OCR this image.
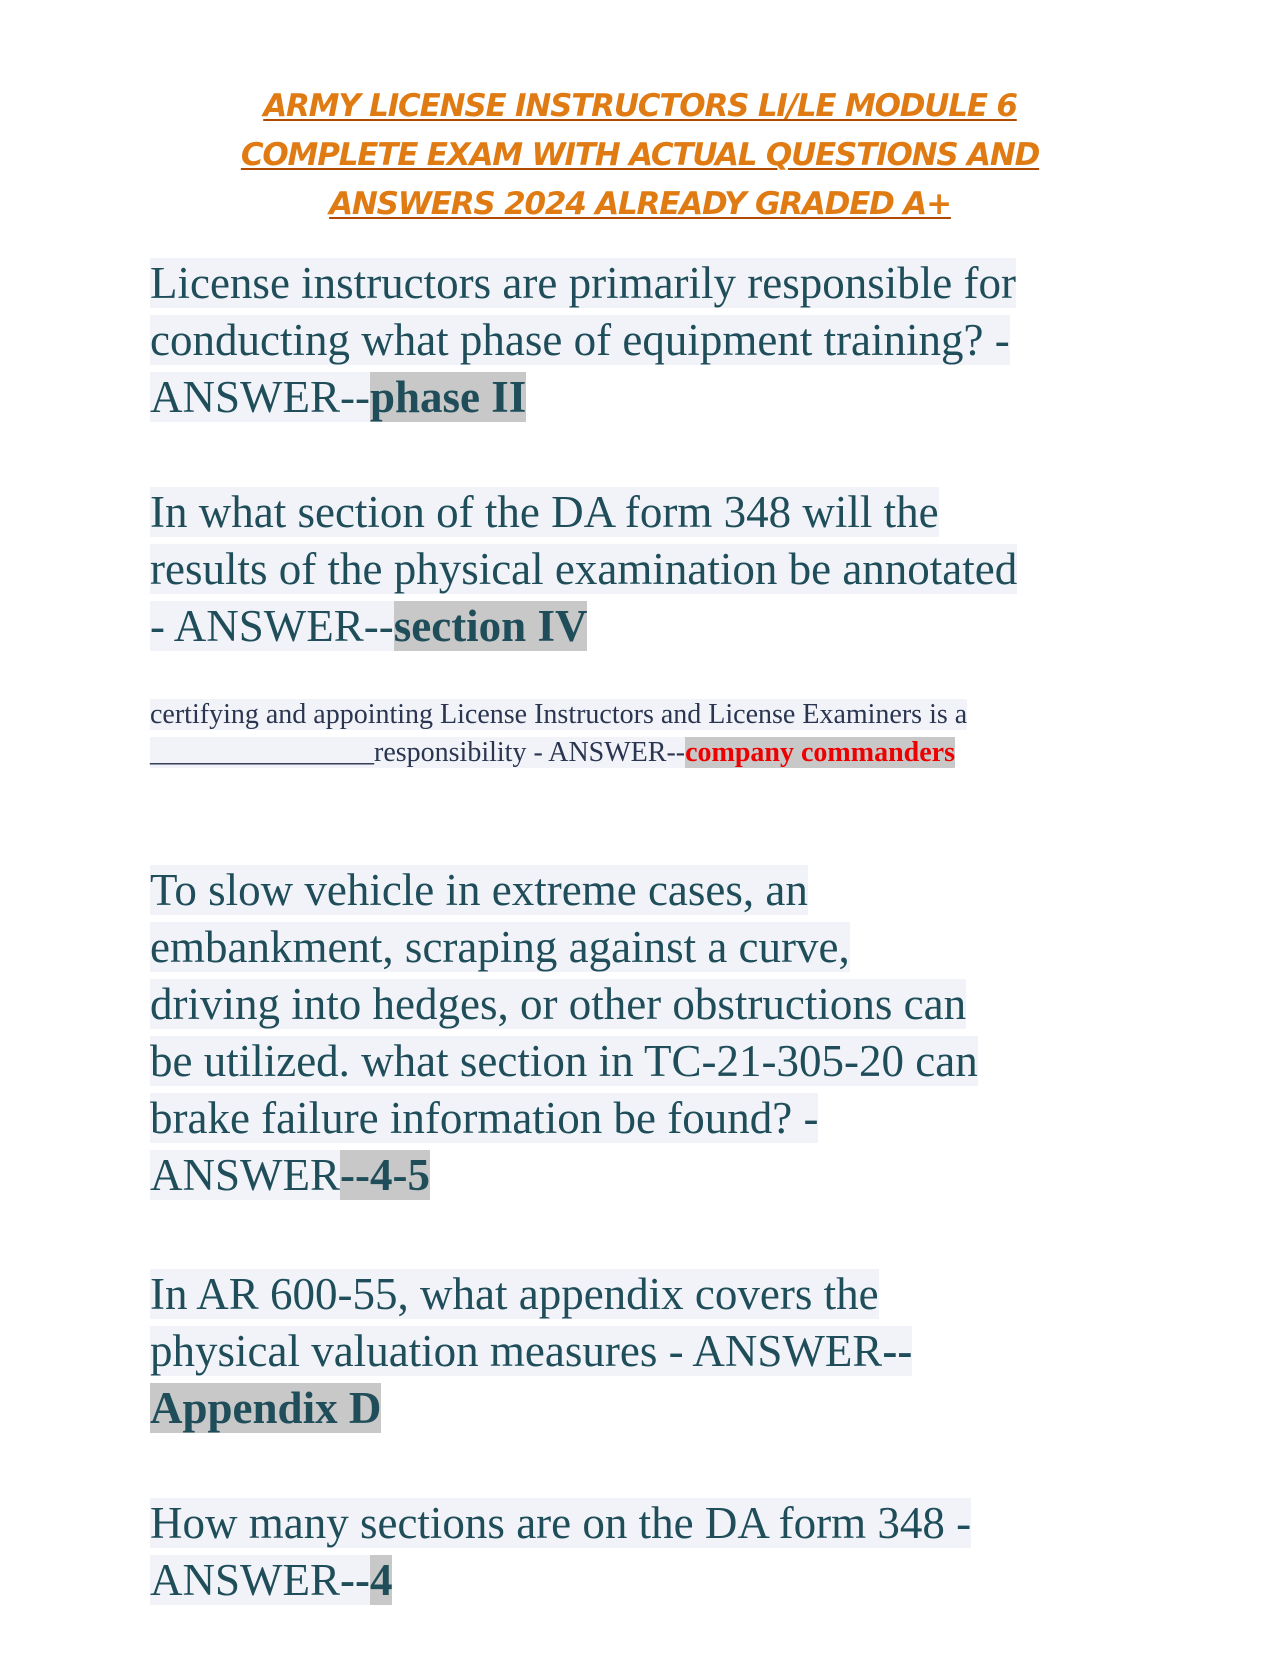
ARMY LICENSE INSTRUCTORS LI/LE MODULE 6
COMPLETE EXAM WITH ACTUAL QUESTIONS AND
ANSWERS 2024 ALREADY GRADED A+
License instructors are primarily responsible for
conducting what phase of equipment training? -
ANSWER--phase II
In what section of the DA form 348 will the
results of the physical examination be annotated
- ANSWER--section IV
certifying and appointing License Instructors and License Examiners is a
________________responsibility - ANSWER--company commanders
To slow vehicle in extreme cases, an
embankment, scraping against a curve,
driving into hedges, or other obstructions can
be utilized. what section in TC-21-305-20 can
brake failure information be found? -
ANSWER--4-5
In AR 600-55, what appendix covers the
physical valuation measures - ANSWER--
Appendix D
How many sections are on the DA form 348 -
ANSWER--4
